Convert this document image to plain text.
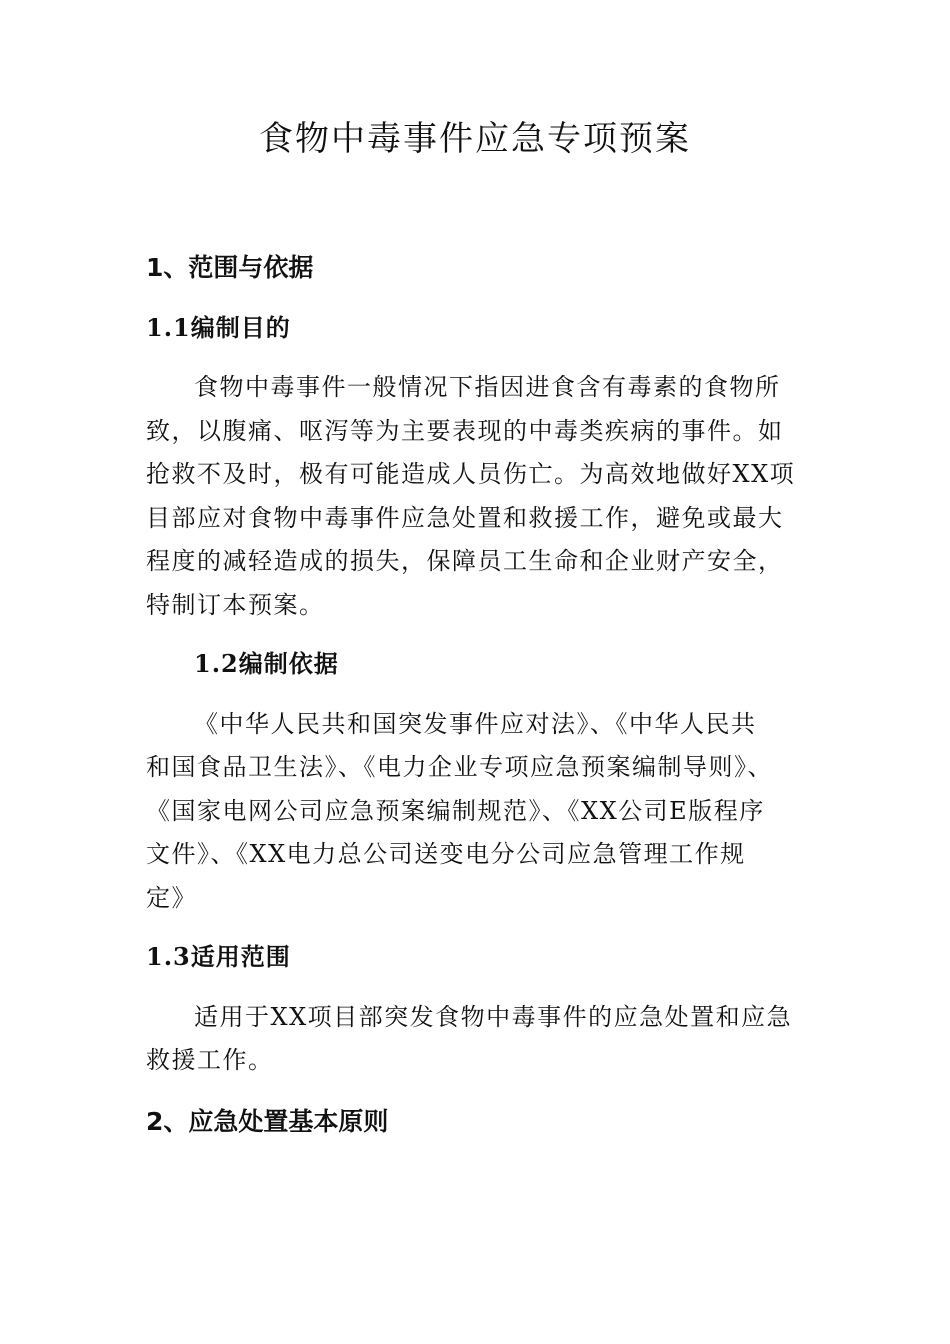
食物中毒事件应急专项预案
1、范围与依据
1.1编制目的
食物中毒事件一般情况下指因进食含有毒素的食物所
致，以腹痛、呕泻等为主要表现的中毒类疾病的事件。如
抢救不及时，极有可能造成人员伤亡。为高效地做好XX项
目部应对食物中毒事件应急处置和救援工作，避免或最大
程度的减轻造成的损失，保障员工生命和企业财产安全，
特制订本预案。
1.2编制依据
《中华人民共和国突发事件应对法》、《中华人民共
和国食品卫生法》、《电力企业专项应急预案编制导则》、
《国家电网公司应急预案编制规范》、《XX公司E版程序
文件》、《XX电力总公司送变电分公司应急管理工作规
定》
1.3适用范围
适用于XX项目部突发食物中毒事件的应急处置和应急
救援工作。
2、应急处置基本原则
